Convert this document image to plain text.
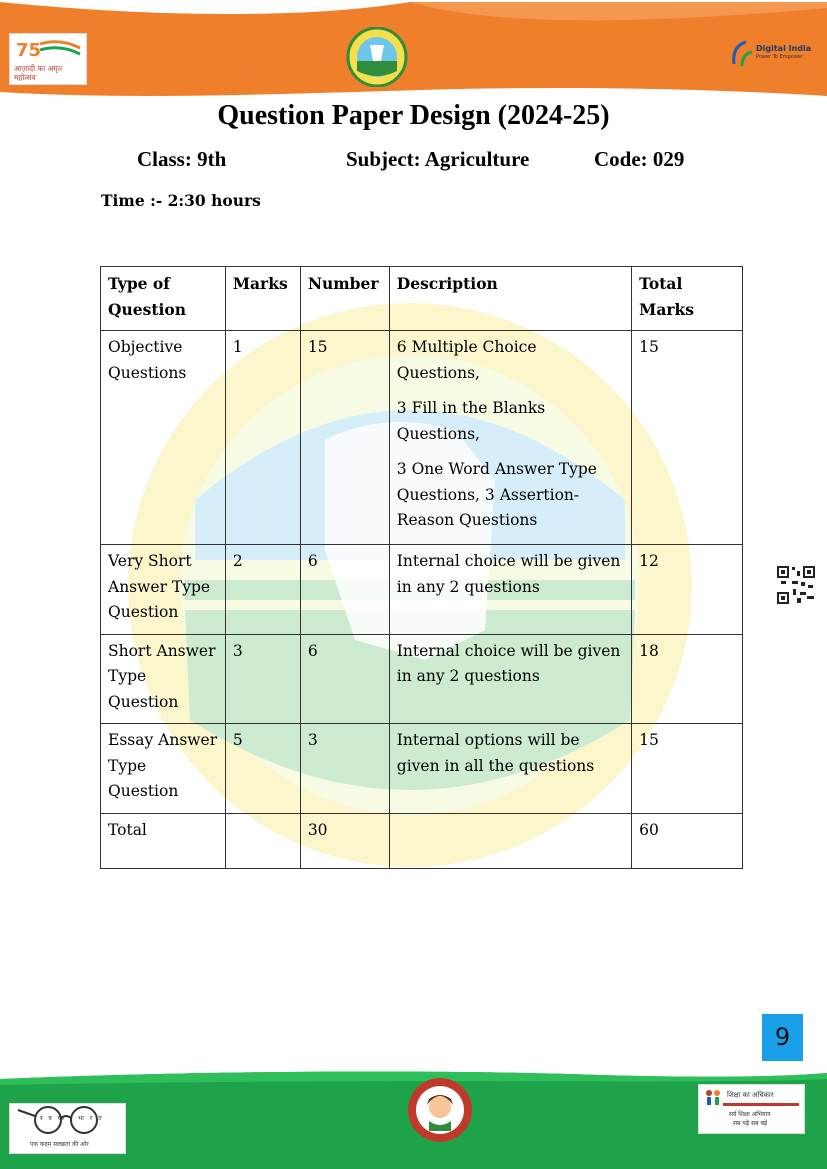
75
आज़ादी का अमृत महोत्सव
Digital India
Power To Empower
Question Paper Design (2024-25)
Class: 9th	Subject: Agriculture	Code: 029
Time :- 2:30 hours
Type of Question	Marks	Number	Description	Total Marks
Objective Questions	1	15	6 Multiple Choice Questions,
3 Fill in the Blanks Questions,
3 One Word Answer Type Questions, 3 Assertion-Reason Questions	15
Very Short Answer Type Question	2	6	Internal choice will be given in any 2 questions	12
Short Answer Type Question	3	6	Internal choice will be given in any 2 questions	18
Essay Answer Type Question	5	3	Internal options will be given in all the questions	15
Total		30		60
9
स्वच्छ भारत
एक कदम स्वच्छता की ओर
शिक्षा का अधिकार
सर्व शिक्षा अभियान
सब पढ़ें सब बढ़ें
